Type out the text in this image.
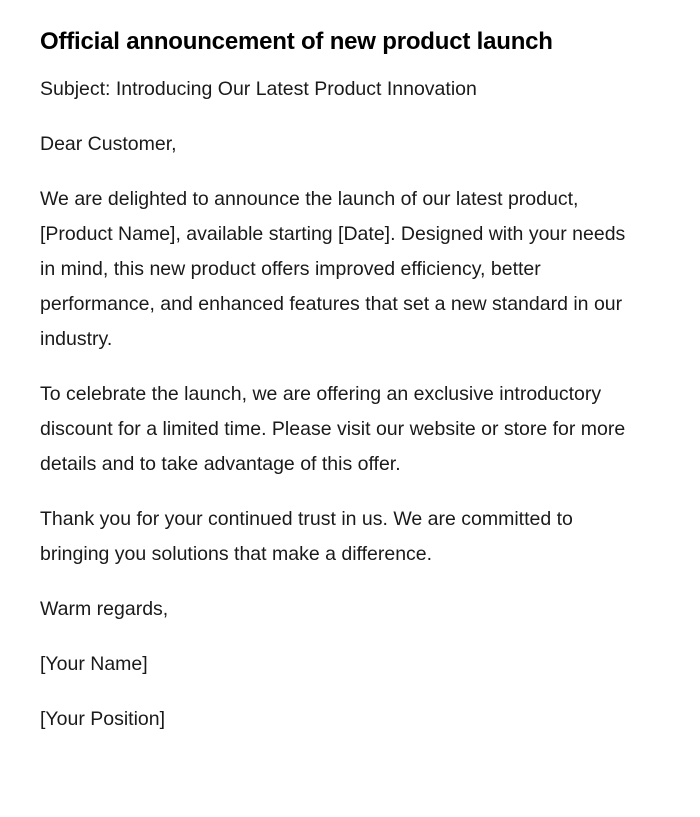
Official announcement of new product launch

Subject: Introducing Our Latest Product Innovation

Dear Customer,

We are delighted to announce the launch of our latest product, [Product Name], available starting [Date]. Designed with your needs in mind, this new product offers improved efficiency, better performance, and enhanced features that set a new standard in our industry.

To celebrate the launch, we are offering an exclusive introductory discount for a limited time. Please visit our website or store for more details and to take advantage of this offer.

Thank you for your continued trust in us. We are committed to bringing you solutions that make a difference.

Warm regards,

[Your Name]

[Your Position]
